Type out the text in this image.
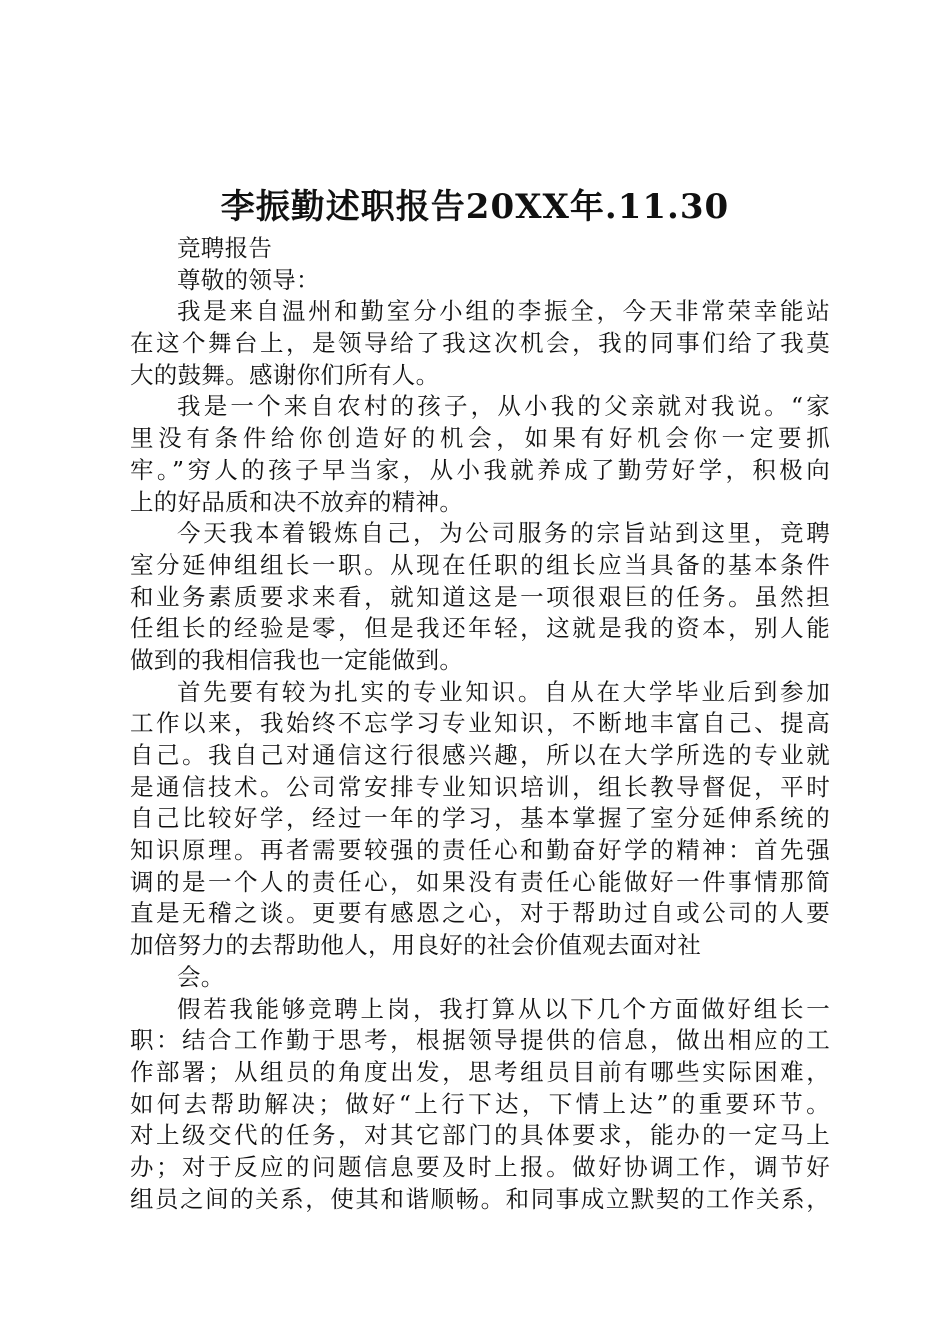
李振勤述职报告20XX年.11.30
竞聘报告
尊敬的领导：
我是来自温州和勤室分小组的李振全，今天非常荣幸能站
在这个舞台上，是领导给了我这次机会，我的同事们给了我莫
大的鼓舞。感谢你们所有人。
我是一个来自农村的孩子，从小我的父亲就对我说。“家
里没有条件给你创造好的机会，如果有好机会你一定要抓
牢。”穷人的孩子早当家，从小我就养成了勤劳好学，积极向
上的好品质和决不放弃的精神。
今天我本着锻炼自己，为公司服务的宗旨站到这里，竞聘
室分延伸组组长一职。从现在任职的组长应当具备的基本条件
和业务素质要求来看，就知道这是一项很艰巨的任务。虽然担
任组长的经验是零，但是我还年轻，这就是我的资本，别人能
做到的我相信我也一定能做到。
首先要有较为扎实的专业知识。自从在大学毕业后到参加
工作以来，我始终不忘学习专业知识，不断地丰富自己、提高
自己。我自己对通信这行很感兴趣，所以在大学所选的专业就
是通信技术。公司常安排专业知识培训，组长教导督促，平时
自己比较好学，经过一年的学习，基本掌握了室分延伸系统的
知识原理。再者需要较强的责任心和勤奋好学的精神：首先强
调的是一个人的责任心，如果没有责任心能做好一件事情那简
直是无稽之谈。更要有感恩之心，对于帮助过自或公司的人要
加倍努力的去帮助他人，用良好的社会价值观去面对社
会。
假若我能够竞聘上岗，我打算从以下几个方面做好组长一
职：结合工作勤于思考，根据领导提供的信息，做出相应的工
作部署；从组员的角度出发，思考组员目前有哪些实际困难，
如何去帮助解决；做好“上行下达，下情上达”的重要环节。
对上级交代的任务，对其它部门的具体要求，能办的一定马上
办；对于反应的问题信息要及时上报。做好协调工作，调节好
组员之间的关系，使其和谐顺畅。和同事成立默契的工作关系，
